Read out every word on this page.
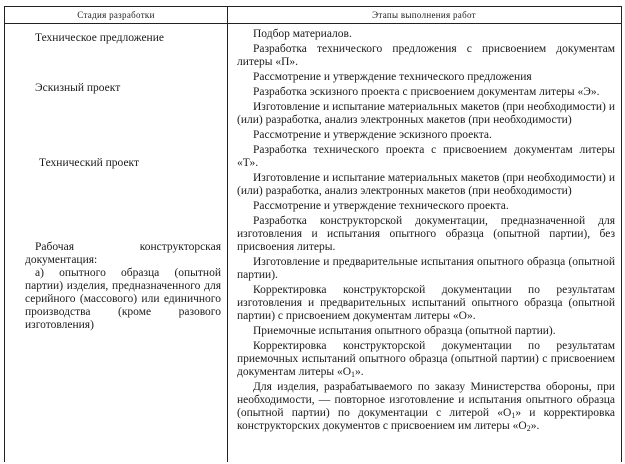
Стадия разработки	Этапы выполнения работ
Техническое предложение
Эскизный проект
Технический проект
Рабочая конструкторская документация:

а) опытного образца (опытной партии) изделия, предназначенного для серийного (массового) или единичного производства (кроме разового изготовления)

Подбор материалов.
Разработка технического предложения с присвоением документам литеры «П».
Рассмотрение и утверждение технического предложения
Разработка эскизного проекта с присвоением документам литеры «Э».
Изготовление и испытание материальных макетов (при необходимости) и (или) разработка, анализ электронных макетов (при необходимости)
Рассмотрение и утверждение эскизного проекта.
Разработка технического проекта с присвоением документам литеры «Т».
Изготовление и испытание материальных макетов (при необходимости) и (или) разработка, анализ электронных макетов (при необходимости)
Рассмотрение и утверждение технического проекта.
Разработка конструкторской документации, предназначенной для изготовления и испытания опытного образца (опытной партии), без присвоения литеры.
Изготовление и предварительные испытания опытного образца (опытной партии).
Корректировка конструкторской документации по результатам изготовления и предварительных испытаний опытного образца (опытной партии) с присвоением документам литеры «О».
Приемочные испытания опытного образца (опытной партии).
Корректировка конструкторской документации по результатам приемочных испытаний опытного образца (опытной партии) с присвоением документам литеры «$О_1$».
Для изделия, разрабатываемого по заказу Министерства обороны, при необходимости, — повторное изготовление и испытания опытного образца (опытной партии) по документации с литерой «$О_1$» и корректировка конструкторских документов с присвоением им литеры «$О_2$».
